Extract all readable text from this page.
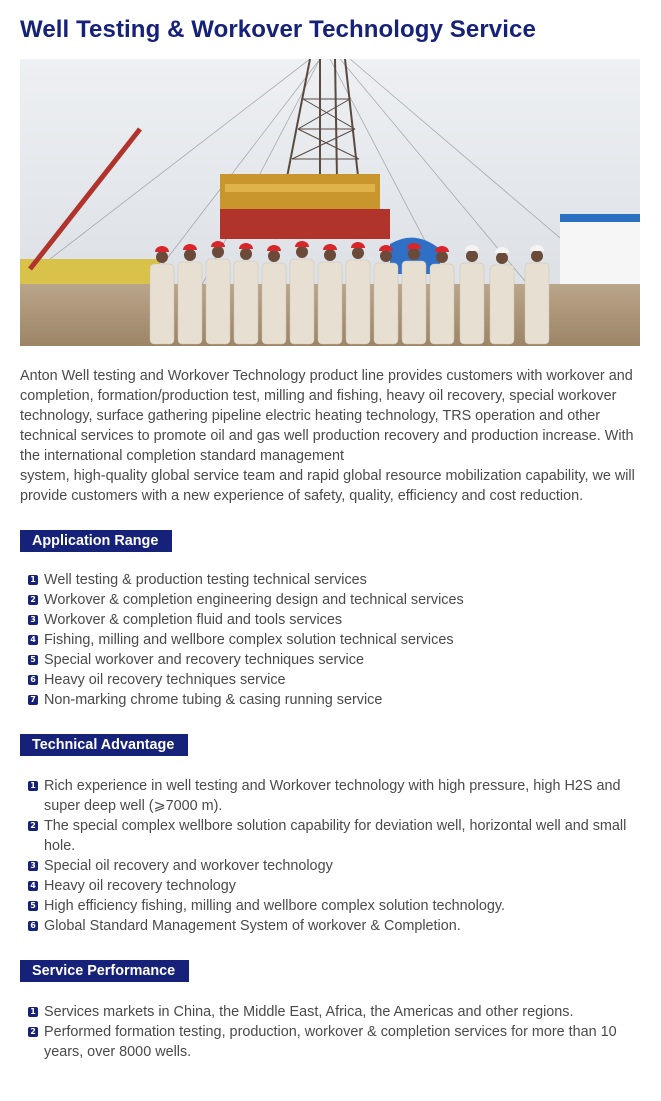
Well Testing & Workover Technology Service

Anton Well testing and Workover Technology product line provides customers with workover and completion, formation/production test, milling and fishing, heavy oil recovery, special workover technology, surface gathering pipeline electric heating technology, TRS operation and other technical services to promote oil and gas well production recovery and production increase. With the international completion standard management

system, high-quality global service team and rapid global resource mobilization capability, we will provide customers with a new experience of safety, quality, efficiency and cost reduction.

Application Range
1 Well testing & production testing technical services
2 Workover & completion engineering design and technical services
3 Workover & completion fluid and tools services
4 Fishing, milling and wellbore complex solution technical services
5 Special workover and recovery techniques service
6 Heavy oil recovery techniques service
7 Non-marking chrome tubing & casing running service
Technical Advantage
1 Rich experience in well testing and Workover technology with high pressure, high H2S and super deep well (⩾7000 m).
2 The special complex wellbore solution capability for deviation well, horizontal well and small hole.
3 Special oil recovery and workover technology
4 Heavy oil recovery technology
5 High efficiency fishing, milling and wellbore complex solution technology.
6 Global Standard Management System of workover & Completion.
Service Performance
1 Services markets in China, the Middle East, Africa, the Americas and other regions.
2 Performed formation testing, production, workover & completion services for more than 10 years, over 8000 wells.
